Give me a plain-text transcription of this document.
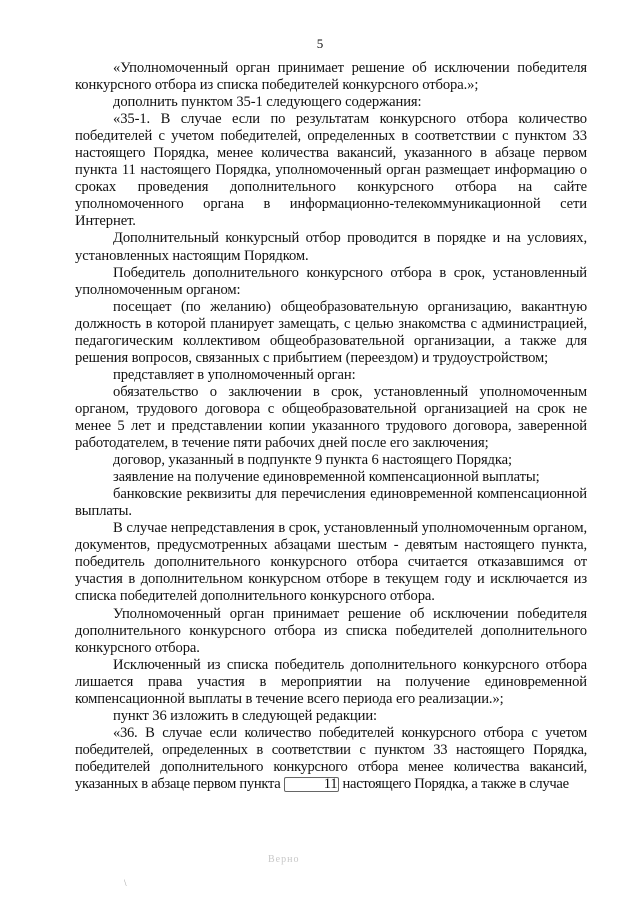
5

«Уполномоченный орган принимает решение об исключении победителя конкурсного отбора из списка победителей конкурсного отбора.»;

дополнить пунктом 35-1 следующего содержания:

«35-1. В случае если по результатам конкурсного отбора количество победителей с учетом победителей, определенных в соответствии с пунктом 33 настоящего Порядка, менее количества вакансий, указанного в абзаце первом пункта 11 настоящего Порядка, уполномоченный орган размещает информацию о сроках проведения дополнительного конкурсного отбора на сайте уполномоченного органа в информационно-телекоммуникационной сети Интернет.

Дополнительный конкурсный отбор проводится в порядке и на условиях, установленных настоящим Порядком.

Победитель дополнительного конкурсного отбора в срок, установленный уполномоченным органом:

посещает (по желанию) общеобразовательную организацию, вакантную должность в которой планирует замещать, с целью знакомства с администрацией, педагогическим коллективом общеобразовательной организации, а также для решения вопросов, связанных с прибытием (переездом) и трудоустройством;

представляет в уполномоченный орган:

обязательство о заключении в срок, установленный уполномоченным органом, трудового договора с общеобразовательной организацией на срок не менее 5 лет и представлении копии указанного трудового договора, заверенной работодателем, в течение пяти рабочих дней после его заключения;

договор, указанный в подпункте 9 пункта 6 настоящего Порядка;

заявление на получение единовременной компенсационной выплаты;

банковские реквизиты для перечисления единовременной компенсационной выплаты.

В случае непредставления в срок, установленный уполномоченным органом, документов, предусмотренных абзацами шестым - девятым настоящего пункта, победитель дополнительного конкурсного отбора считается отказавшимся от участия в дополнительном конкурсном отборе в текущем году и исключается из списка победителей дополнительного конкурсного отбора.

Уполномоченный орган принимает решение об исключении победителя дополнительного конкурсного отбора из списка победителей дополнительного конкурсного отбора.

Исключенный из списка победитель дополнительного конкурсного отбора лишается права участия в мероприятии на получение единовременной компенсационной выплаты в течение всего периода его реализации.»;

пункт 36 изложить в следующей редакции:

«36. В случае если количество победителей конкурсного отбора с учетом победителей, определенных в соответствии с пунктом 33 настоящего Порядка, победителей дополнительного конкурсного отбора менее количества вакансий, указанных в абзаце первом пункта	11 настоящего Порядка, а также в случае

Верно
\
